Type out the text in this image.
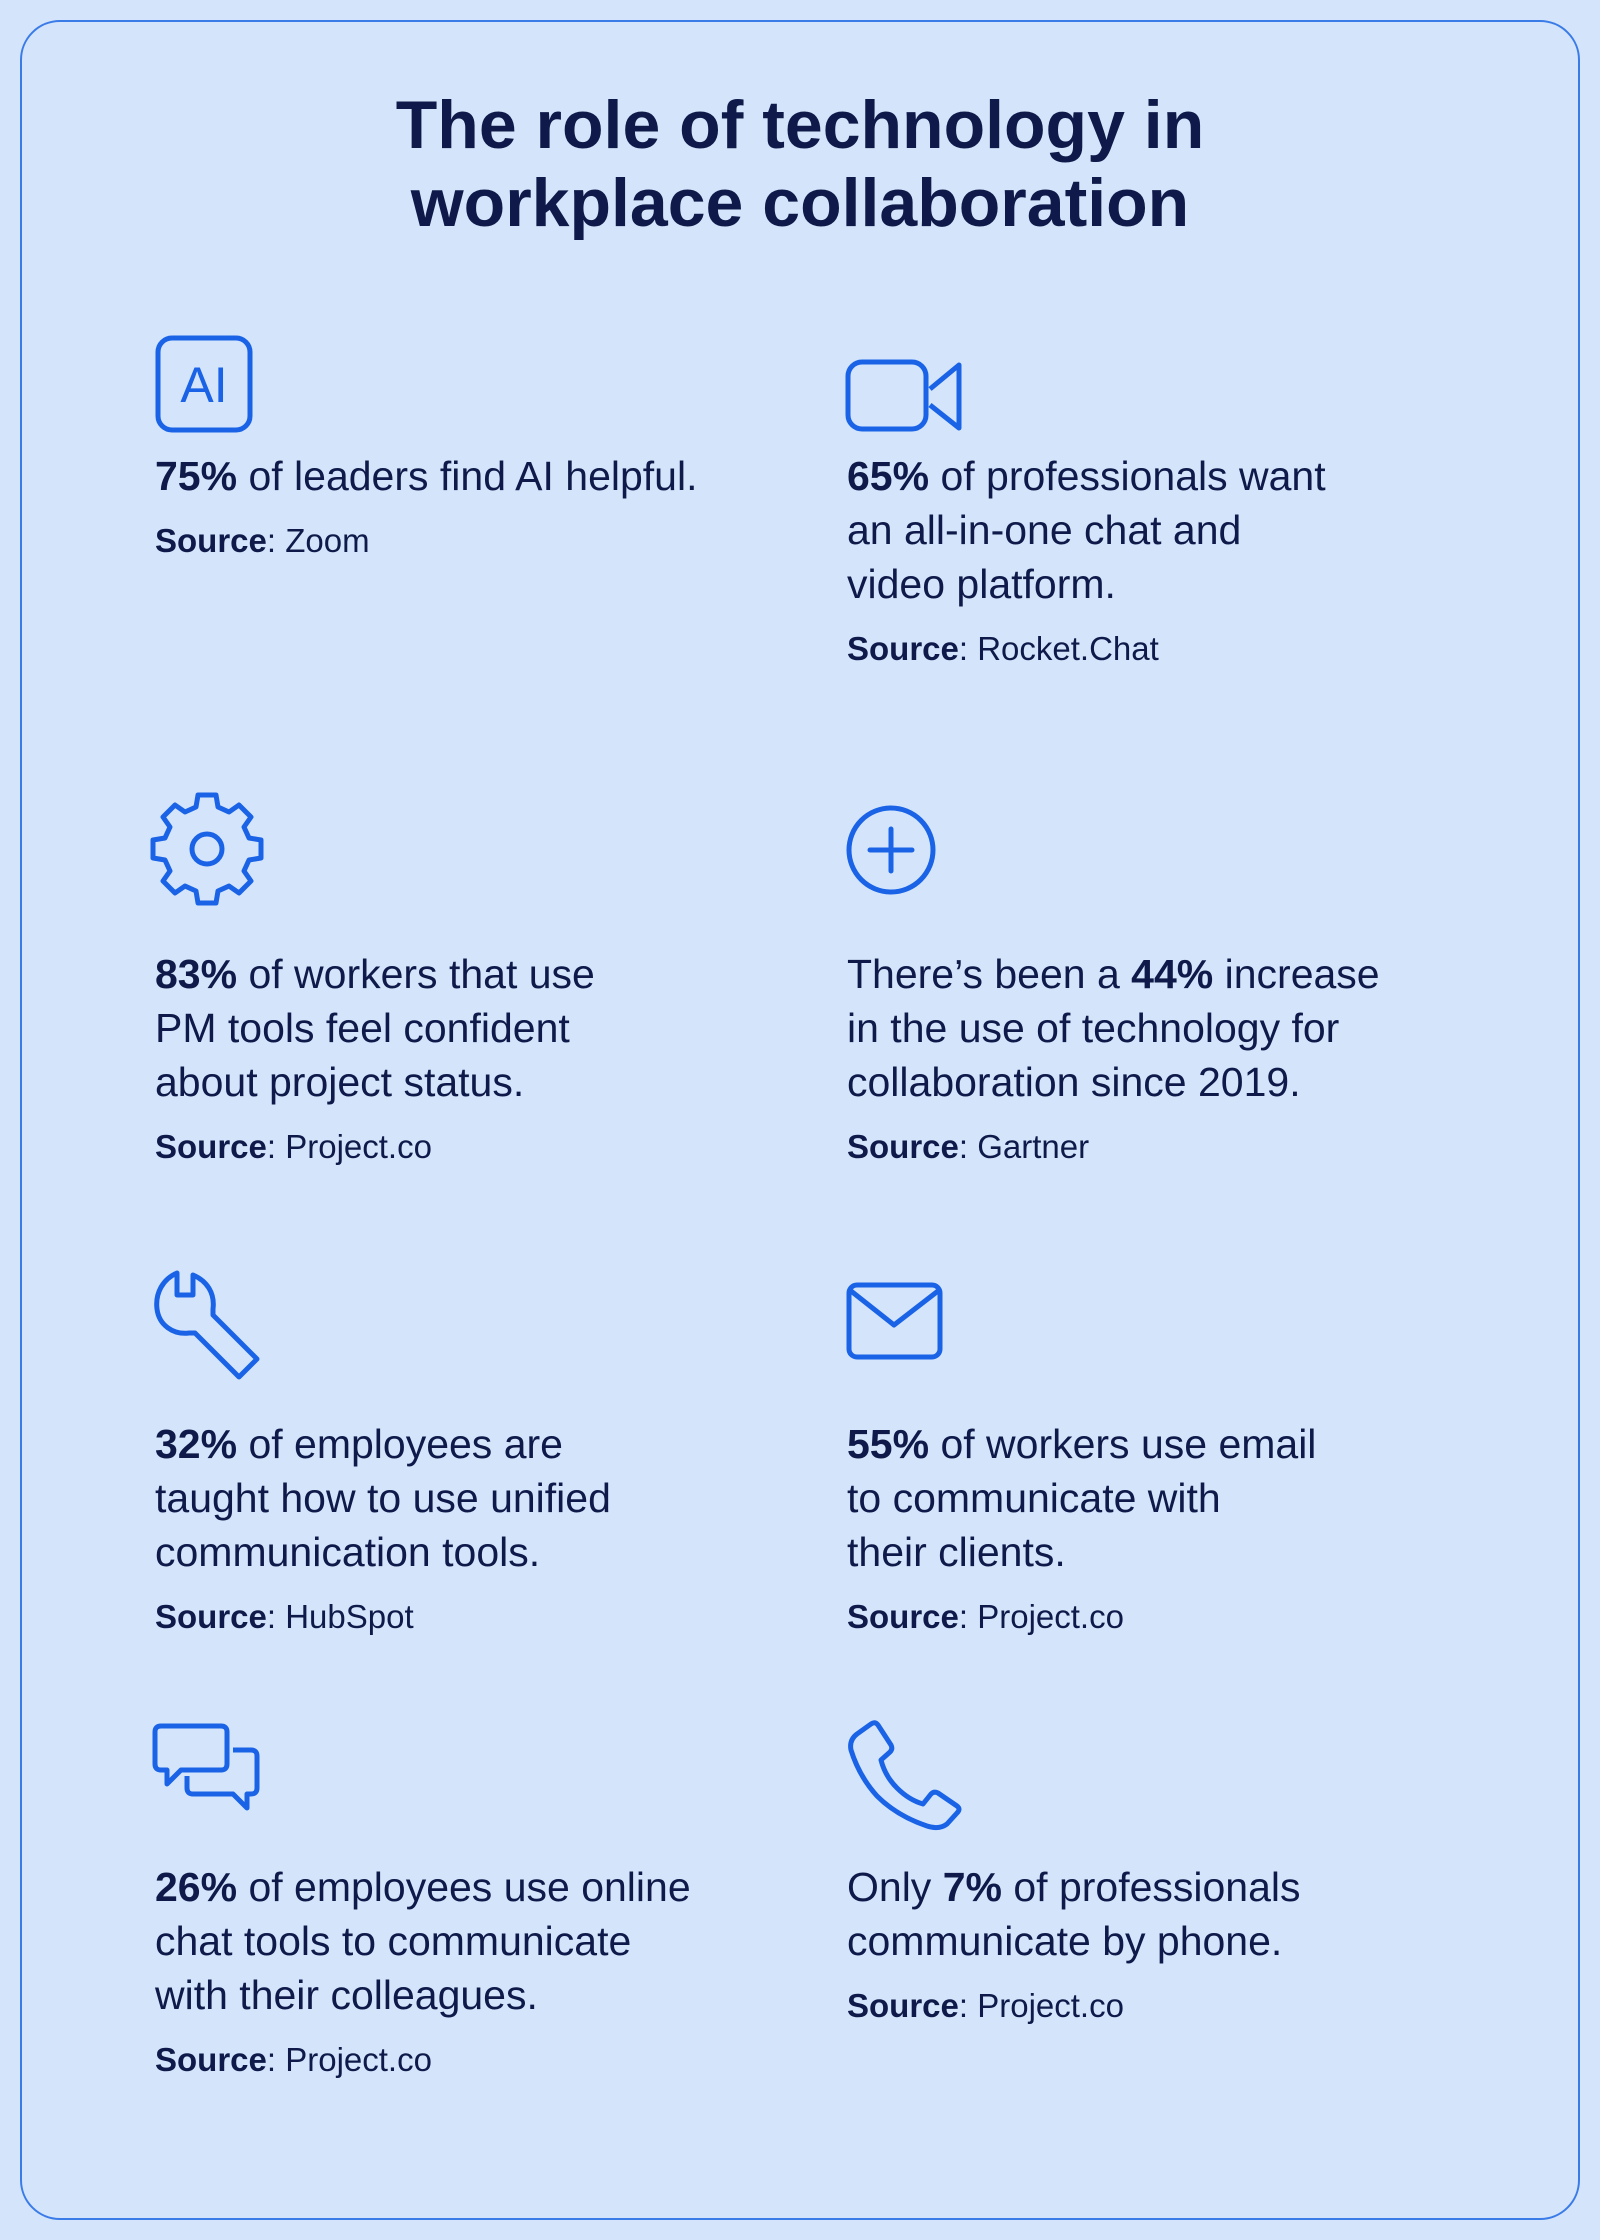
The role of technology in
workplace collaboration
AI

75% of leaders find AI helpful.

Source: Zoom

65% of professionals want
an all-in-one chat and
video platform.

Source: Rocket.Chat

83% of workers that use
PM tools feel confident
about project status.

Source: Project.co

There’s been a 44% increase
in the use of technology for
collaboration since 2019.

Source: Gartner

32% of employees are
taught how to use unified
communication tools.

Source: HubSpot

55% of workers use email
to communicate with
their clients.

Source: Project.co

26% of employees use online
chat tools to communicate
with their colleagues.

Source: Project.co

Only 7% of professionals
communicate by phone.

Source: Project.co
